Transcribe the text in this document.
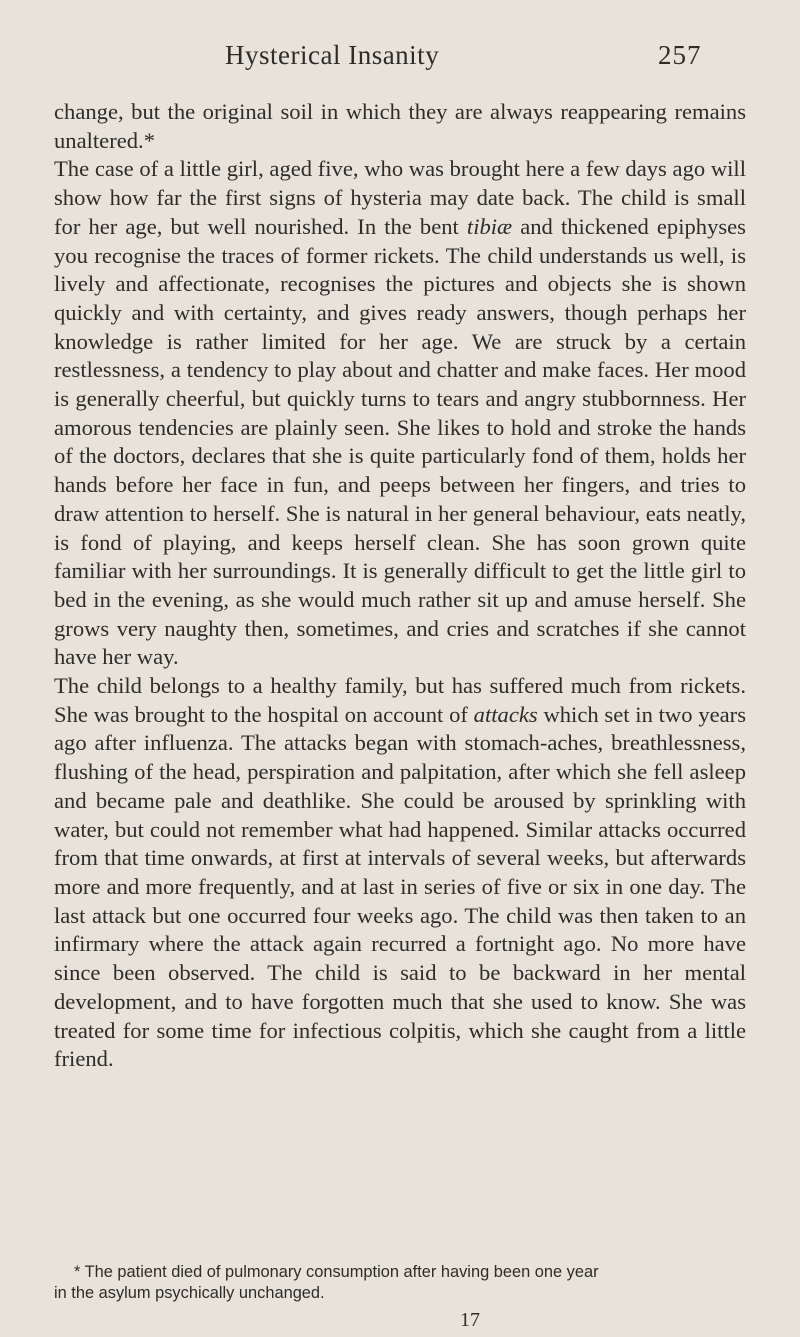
Hysterical Insanity	257

change, but the original soil in which they are always reappearing remains unaltered.*

The case of a little girl, aged five, who was brought here a few days ago will show how far the first signs of hysteria may date back. The child is small for her age, but well nourished. In the bent tibiæ and thickened epiphyses you recognise the traces of former rickets. The child understands us well, is lively and affectionate, recognises the pictures and objects she is shown quickly and with certainty, and gives ready answers, though perhaps her knowledge is rather limited for her age. We are struck by a certain restlessness, a tendency to play about and chatter and make faces. Her mood is generally cheerful, but quickly turns to tears and angry stubbornness. Her amorous tendencies are plainly seen. She likes to hold and stroke the hands of the doctors, declares that she is quite particularly fond of them, holds her hands before her face in fun, and peeps between her fingers, and tries to draw attention to herself. She is natural in her general behaviour, eats neatly, is fond of playing, and keeps herself clean. She has soon grown quite familiar with her surroundings. It is generally difficult to get the little girl to bed in the evening, as she would much rather sit up and amuse herself. She grows very naughty then, sometimes, and cries and scratches if she cannot have her way.

The child belongs to a healthy family, but has suffered much from rickets. She was brought to the hospital on account of attacks which set in two years ago after influenza. The attacks began with stomach-aches, breathlessness, flushing of the head, perspiration and palpitation, after which she fell asleep and became pale and deathlike. She could be aroused by sprinkling with water, but could not remember what had happened. Similar attacks occurred from that time onwards, at first at intervals of several weeks, but afterwards more and more frequently, and at last in series of five or six in one day. The last attack but one occurred four weeks ago. The child was then taken to an infirmary where the attack again recurred a fortnight ago. No more have since been observed. The child is said to be backward in her mental development, and to have forgotten much that she used to know. She was treated for some time for infectious colpitis, which she caught from a little friend.

* The patient died of pulmonary consumption after having been one year
in the asylum psychically unchanged.
17
